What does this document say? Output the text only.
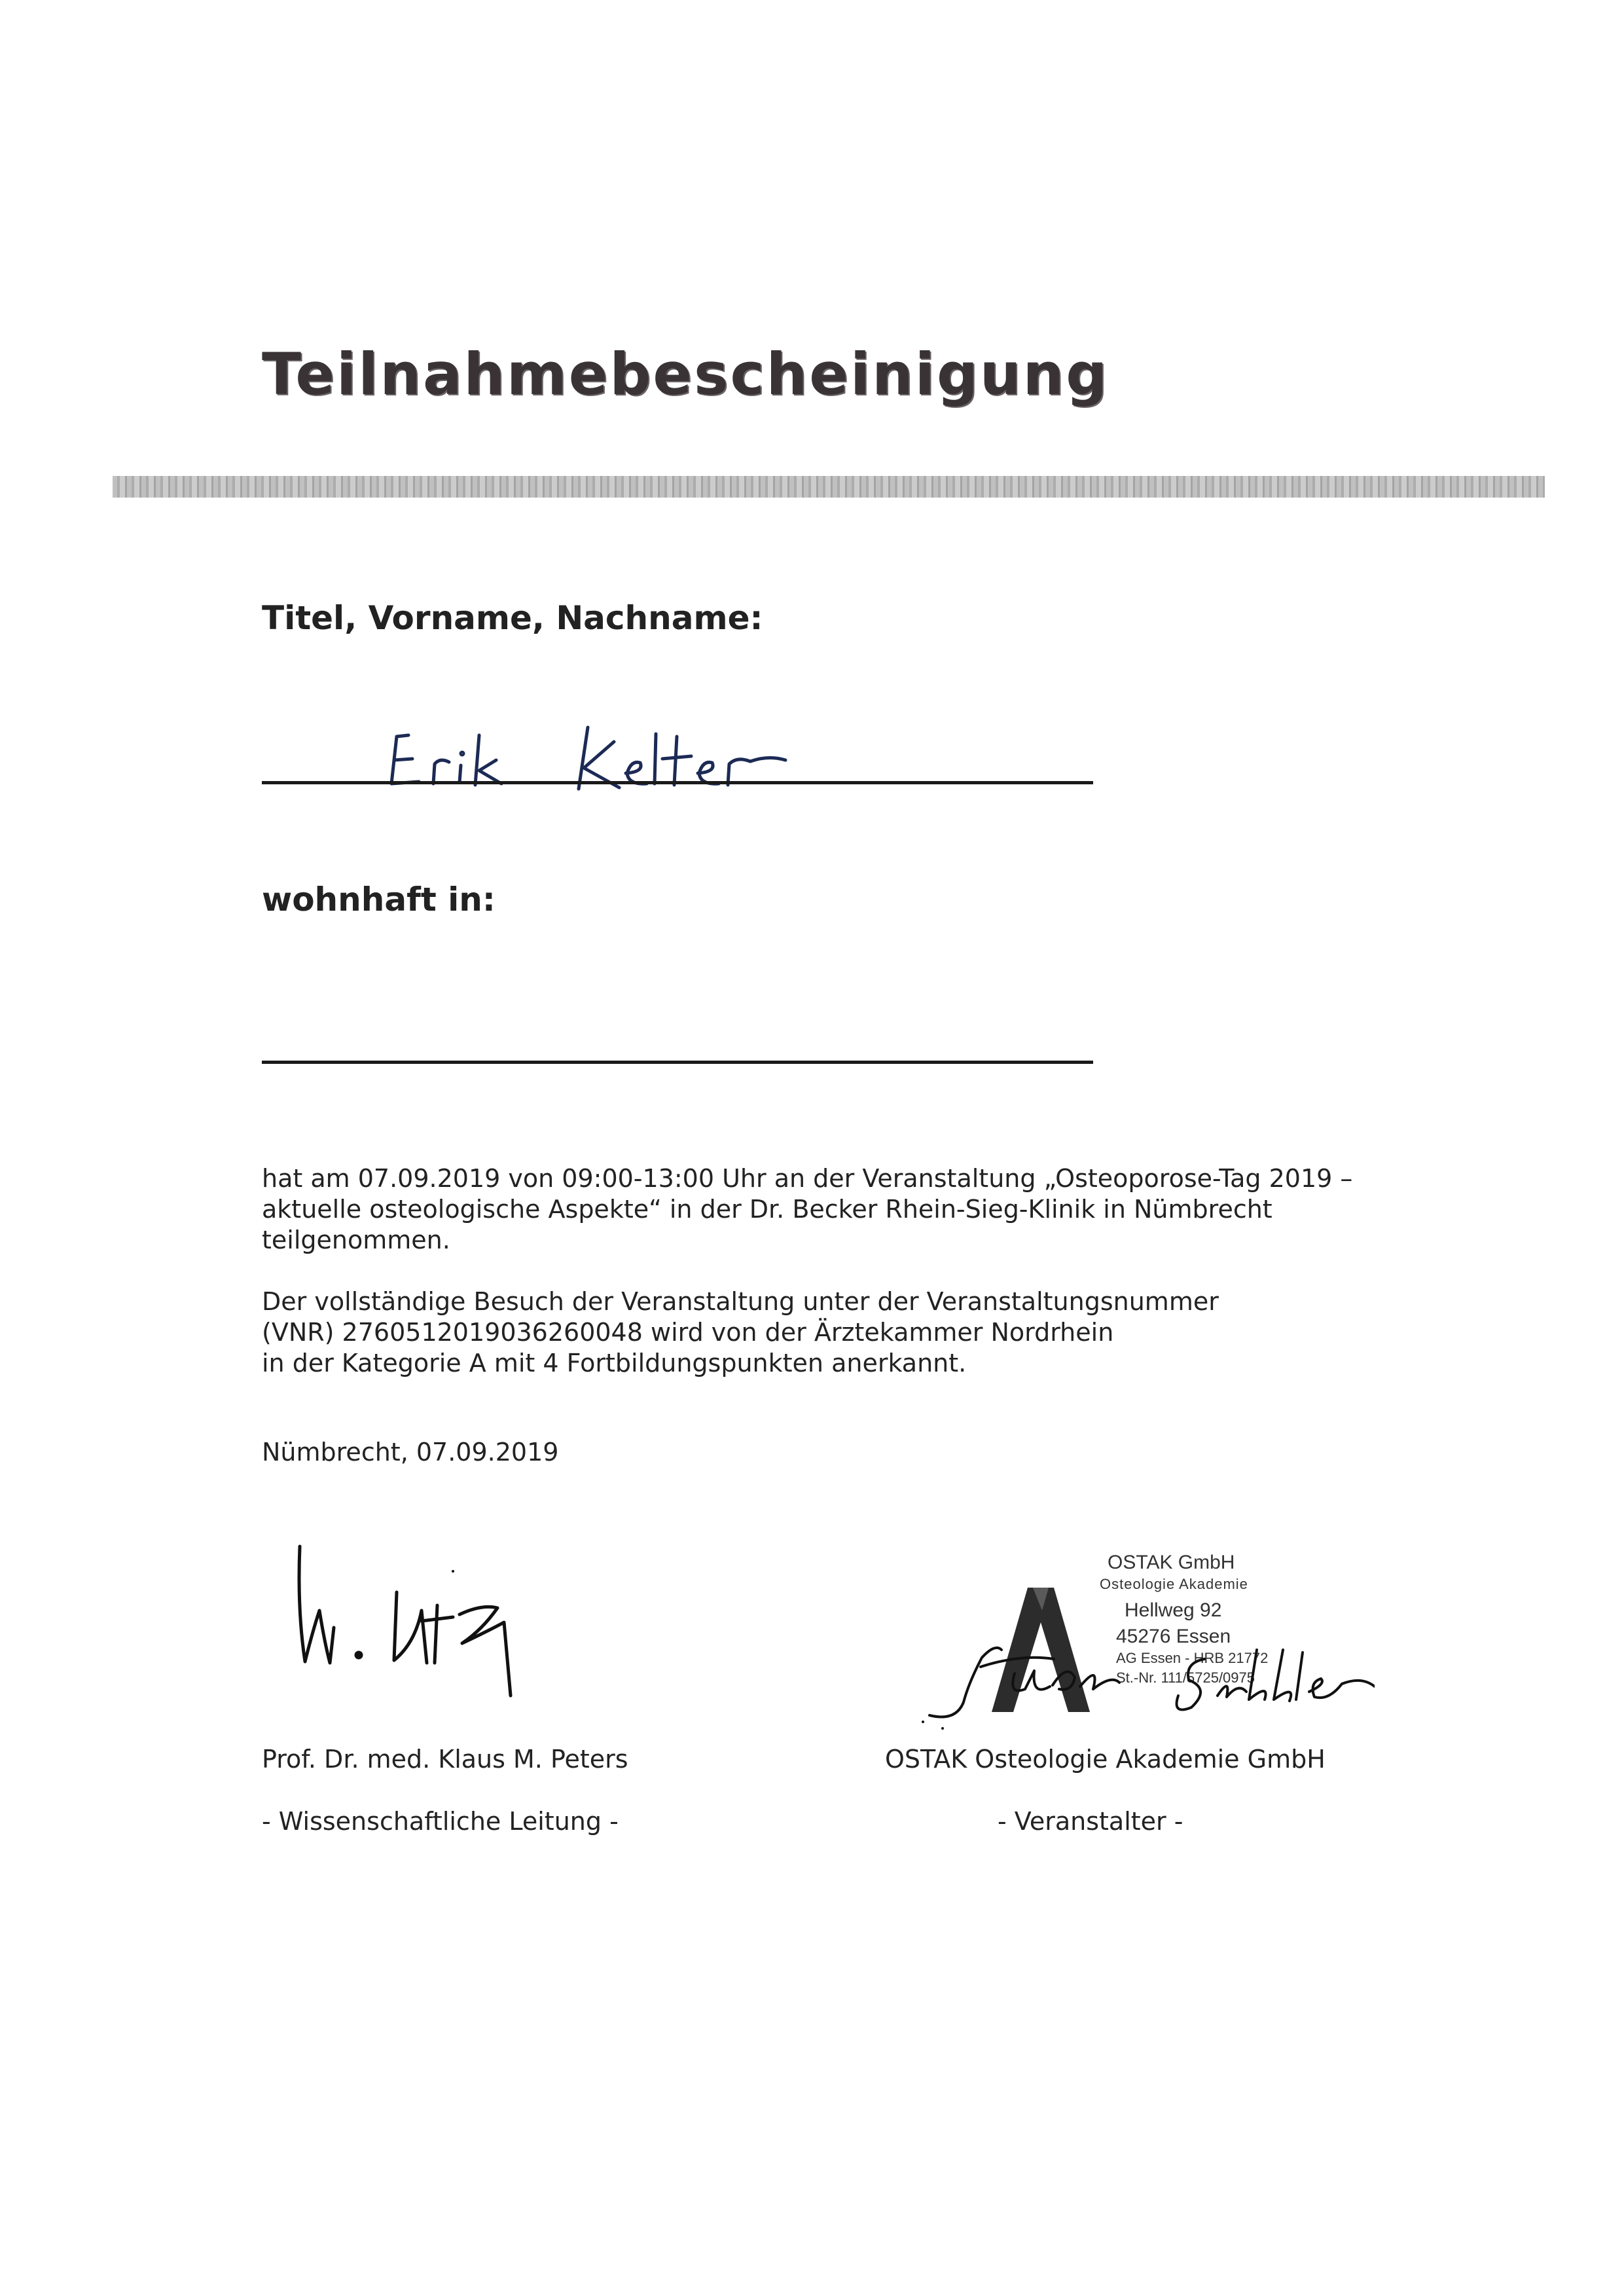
Teilnahmebescheinigung
Titel, Vorname, Nachname:
wohnhaft in:

hat am 07.09.2019 von 09:00-13:00 Uhr an der Veranstaltung „Osteoporose-Tag 2019 –

aktuelle osteologische Aspekte“ in der Dr. Becker Rhein-Sieg-Klinik in Nümbrecht

teilgenommen.

Der vollständige Besuch der Veranstaltung unter der Veranstaltungsnummer

(VNR) 2760512019036260048 wird von der Ärztekammer Nordrhein

in der Kategorie A mit 4 Fortbildungspunkten anerkannt.

Nümbrecht, 07.09.2019
Prof. Dr. med. Klaus M. Peters
- Wissenschaftliche Leitung -
OSTAK GmbH
Osteologie Akademie
Hellweg 92
45276 Essen
AG Essen - HRB 21772
St.-Nr. 111/5725/0975
OSTAK Osteologie Akademie GmbH
- Veranstalter -
